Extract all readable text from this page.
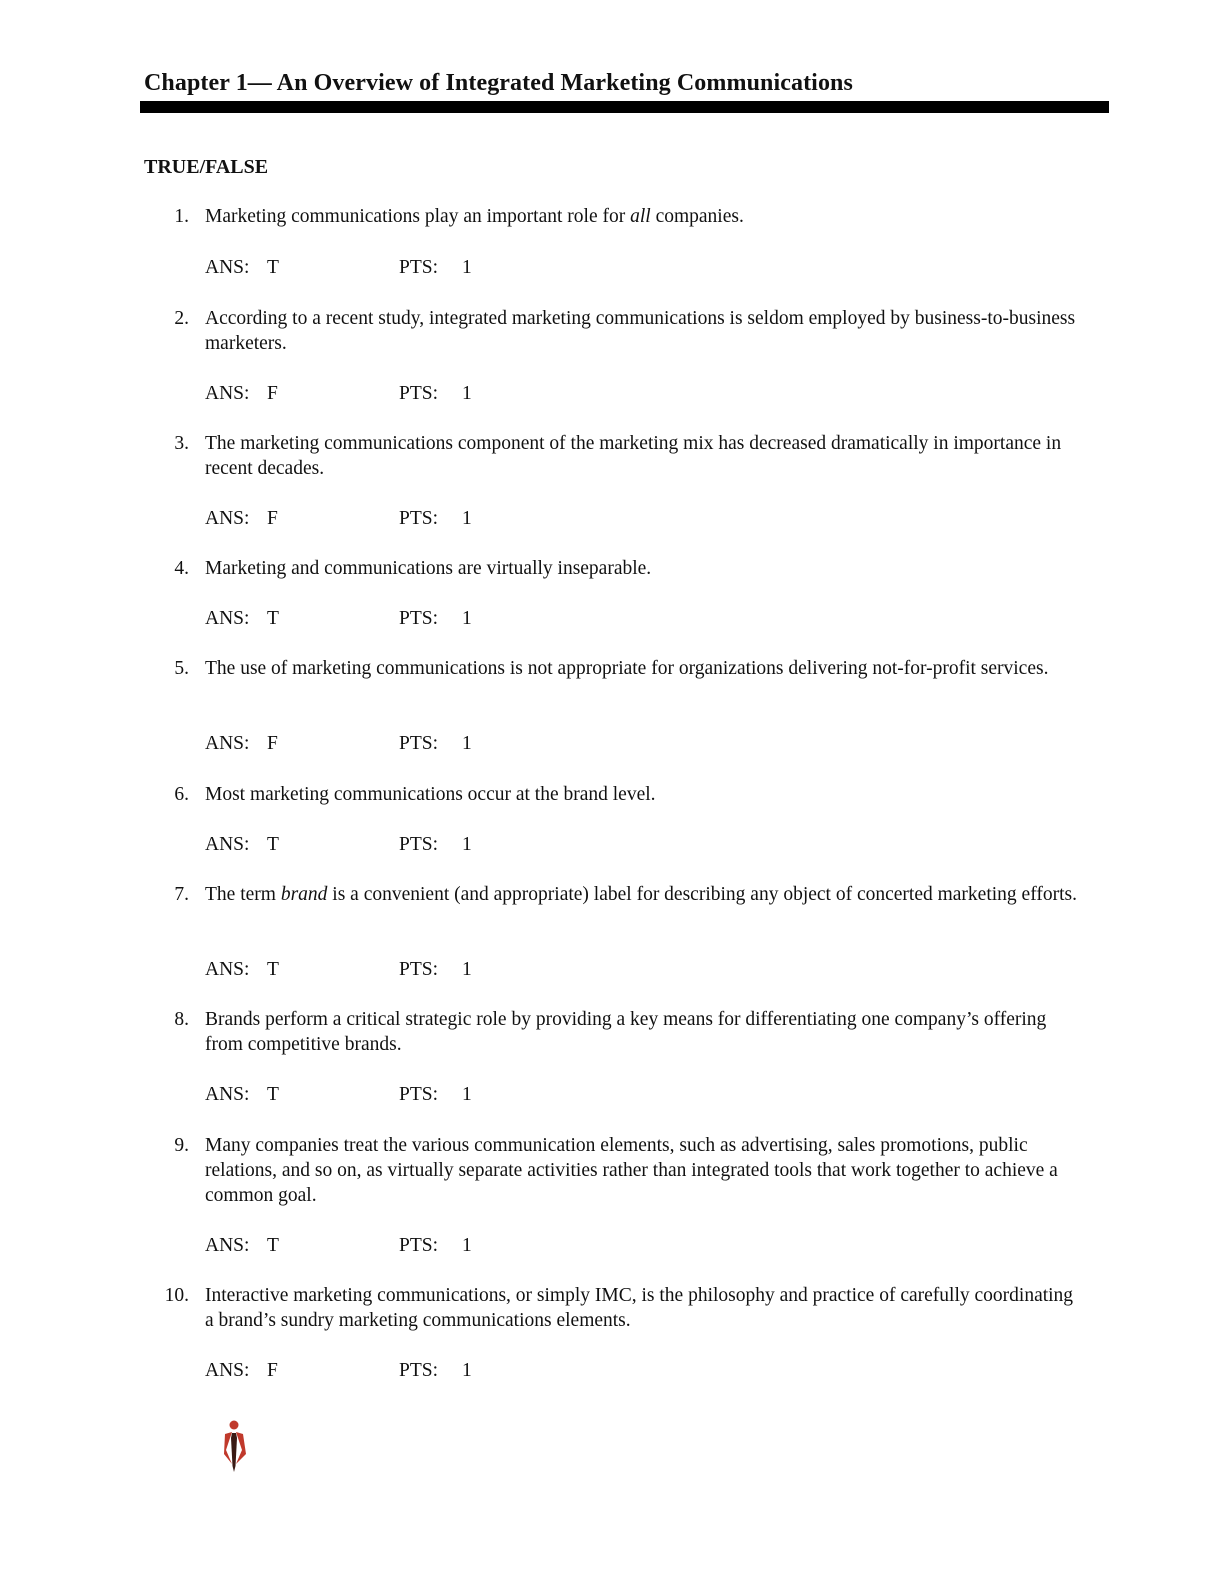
Chapter 1— An Overview of Integrated Marketing Communications
TRUE/FALSE
1. Marketing communications play an important role for all companies.
ANS: T	PTS: 1
2. According to a recent study, integrated marketing communications is seldom employed by business-to-business marketers.
ANS: F	PTS: 1
3. The marketing communications component of the marketing mix has decreased dramatically in importance in recent decades.
ANS: F	PTS: 1
4. Marketing and communications are virtually inseparable.
ANS: T	PTS: 1
5. The use of marketing communications is not appropriate for organizations delivering not-for-profit services.
ANS: F	PTS: 1
6. Most marketing communications occur at the brand level.
ANS: T	PTS: 1
7. The term brand is a convenient (and appropriate) label for describing any object of concerted marketing efforts.
ANS: T	PTS: 1
8. Brands perform a critical strategic role by providing a key means for differentiating one company’s offering from competitive brands.
ANS: T	PTS: 1
9. Many companies treat the various communication elements, such as advertising, sales promotions, public relations, and so on, as virtually separate activities rather than integrated tools that work together to achieve a common goal.
ANS: T	PTS: 1
10. Interactive marketing communications, or simply IMC, is the philosophy and practice of carefully coordinating a brand’s sundry marketing communications elements.
ANS: F	PTS: 1
